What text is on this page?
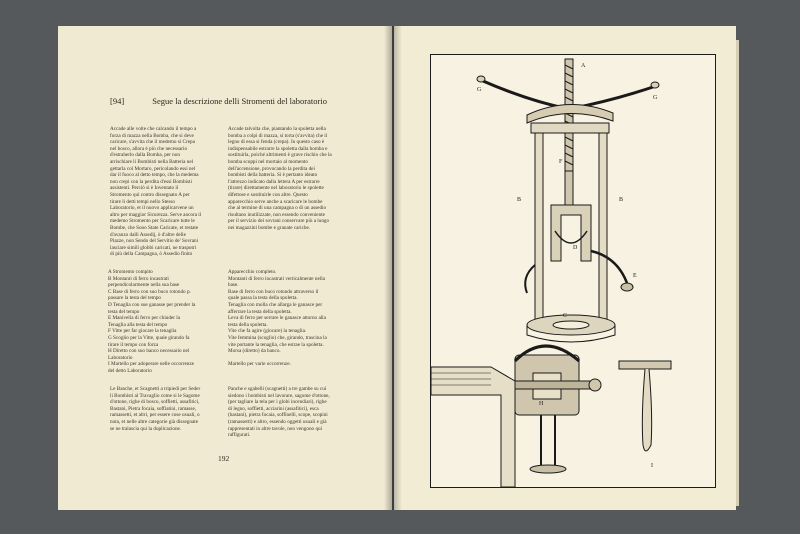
[94]	Segue la descrizione delli Stromenti del laboratorio
Accade alle volte che calcando il tempo a
forza di mazza nella Bomba, che si deve
caricare, s'avvita che il medemo si Crepa
nel bosco, allora è più che necessario
d'estraherlo dalla Bomba, per non
arrischiare li Bombisti nella Batteria nel
gettarla col Mortaro, pericolando essi nel
dar il fuoco al detto tempo, che la medema
non crepi con la perdita d'essi Bombisti
assistenti. Perciò si è Inventato il
Stromento qui contro dissegnato A per
tirare li detti tempi nello Stesso
Laboratorio, et il nuovo applicarvene un
altro per maggior Sicurezza. Serve ancora il
medemo Stromento per Scaricare tutte le
Bombe, che Sono State Caricate, et restate
d'avanzo dalli Assedij, ò d'altre delle
Piazze, non Sendo del Servitio de' Sovrani
lasciare simili globbi caricati, ne traspotri
di più della Campagna, ò Assedio finito
Accade talvolta che, piantando la spoletta nella
bomba a colpi di mazza, si torta (s'avvita) che il
legno di essa si fenda (crepa). In questo caso è
indispensabile estrarre la spoletta dalla bomba e
sostituirla, poiché altrimenti è grave rischio che la
bomba scoppi nel mortaio al momento
dell'accensione, provocando la perdita dei
bombisti della batteria. Si è pertanto ideato
l'attrezzo indicato dalla lettera A per estrarre
(tirare) direttamente nel laboratorio le spolette
difettose e sostituirle con altre. Questo
apparecchio serve anche a scaricare le bombe
che al termine di una campagna o di un assedio
risultano inutilizzate, non essendo conveniente
per il servizio dei sovrani conservare più a lungo
nei magazzini bombe e granate cariche.
A Stromento compito
B Montanti di ferro incastrati
perpendicolarmente nella sua base
C Base di ferro con suo buco rotondo p.
passare la testa del tempo
D Tenaglia con sue ganasse per prender la
testa del tempo
E Manivella di ferro per chiuder la
Tenaglia alla testa del tempo
F Vitte per far giocare la tenaglia
G Scoglio per la Vitte, quale girando fa
tirare il tempo con forza
H Diretto con suo banco necessario nel
Laboratorio
I Martello per adoperare nelle occorrenze
del detto Laboratorio
Apparecchio completo.
Montanti di ferro incastrati verticalmente nella
base.
Base di ferro con buco rotondo attraverso il
quale passa la testa della spoletta.
Tenaglia con molla che allarga le ganasce per
afferrare la testa della spoletta.
Leva di ferro per serrare le ganasce attorno alla
testa della spoletta.
Vite che fa agire (giocare) la tenaglia.
Vite femmina (scoglio) che, girando, trascina la
vite portante la tenaglia, che estrae la spoletta.
Morsa (diretto) da banco.
Martello per varie occorrenze.
Le Banche, et Scagnetti a tripiedi per Seder
li Bombisti al Travaglio come si le Sagome
d'ottone, righe di bosco, soffietti, assafitici,
Bastani, Pietra focaia, soffiatini, ramasse,
ramassetti, et altri, per essere cose usuali, o
nota, et nelle altre categorie già dissegnate
se ne tralascia qui la duplicazione.
Panche e sgabelli (scagnetti) a tre gambe su cui
siedono i bombisti nel lavorare, sagome d'ottone,
(per tagliare la tela per i globi incendiari), righe
di legno, soffietti, acciarini (assafitici), esca
(bastani), pietra focaia, soffinelli, scope, scopini
(ramassetti) e altro, essendo oggetti usuali e già
rappresentati in altre tavole, non vengono qui
raffigurati.
192
A
G
G
F
B	B
D
E
C
H
I
